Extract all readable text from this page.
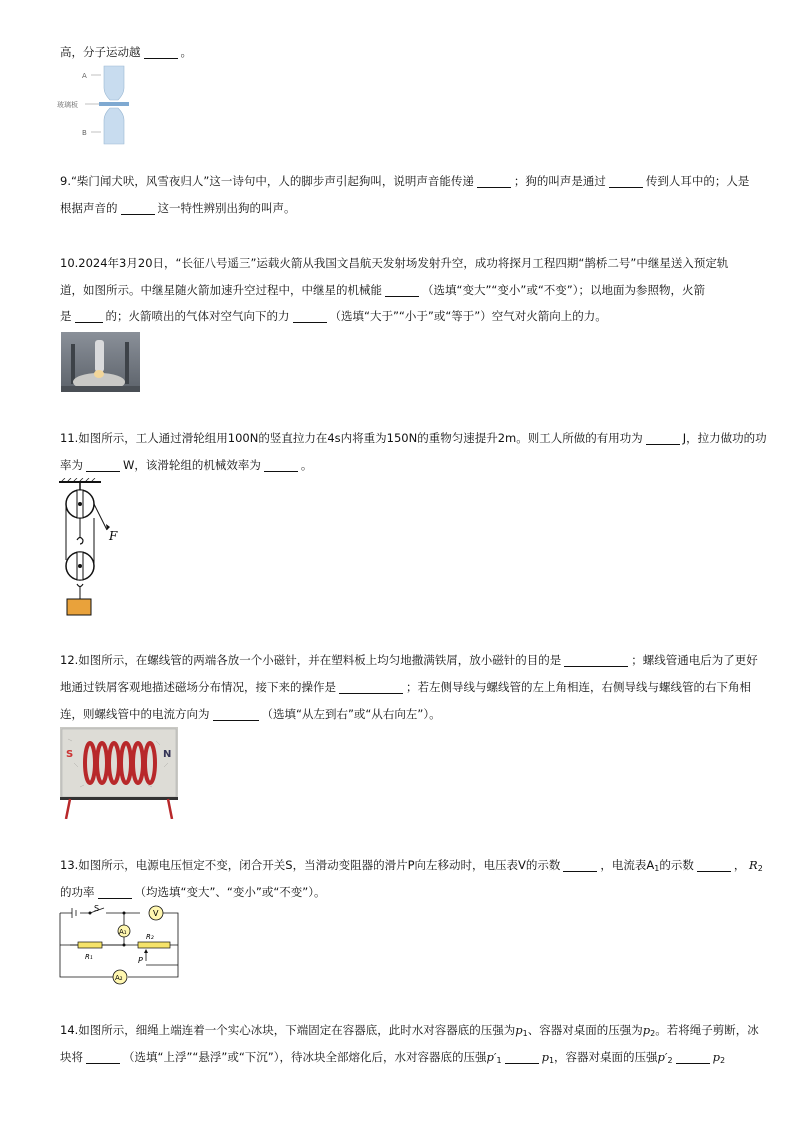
高，分子运动越	。
A
玻璃板
B
9.“柴门闻犬吠，风雪夜归人”这一诗句中，人的脚步声引起狗叫，说明声音能传递	；狗的叫声是通过	传到人耳中的；人是
根据声音的	这一特性辨别出狗的叫声。
10.2024年3月20日，“长征八号遥三”运载火箭从我国文昌航天发射场发射升空，成功将探月工程四期“鹊桥二号”中继星送入预定轨
道，如图所示。中继星随火箭加速升空过程中，中继星的机械能	（选填“变大”“变小”或“不变”）；以地面为参照物，火箭
是	的；火箭喷出的气体对空气向下的力	（选填“大于”“小于”或“等于”）空气对火箭向上的力。
11.如图所示，工人通过滑轮组用100N的竖直拉力在4s内将重为150N的重物匀速提升2m。则工人所做的有用功为	J，拉力做功的功
率为	W，该滑轮组的机械效率为	。
F
12.如图所示，在螺线管的两端各放一个小磁针，并在塑料板上均匀地撒满铁屑，放小磁针的目的是	；螺线管通电后为了更好
地通过铁屑客观地描述磁场分布情况，接下来的操作是	；若左侧导线与螺线管的左上角相连，右侧导线与螺线管的右下角相
连，则螺线管中的电流方向为	（选填“从左到右”或“从右向左”）。
S	N
13.如图所示，电源电压恒定不变，闭合开关S，当滑动变阻器的滑片P向左移动时，电压表V的示数	，电流表$A_1$的示数	， $R_2$
的功率	（均选填“变大”、“变小”或“不变”）。
V
A₁
A₂
S
R₁
R₂
P
14.如图所示，细绳上端连着一个实心冰块，下端固定在容器底，此时水对容器底的压强为$p_1$、容器对桌面的压强为$p_2$。若将绳子剪断，冰
块将	（选填“上浮”“悬浮”或“下沉”），待冰块全部熔化后，水对容器底的压强$p'_1$	$p_1$，容器对桌面的压强$p'_2$	$p_2$
